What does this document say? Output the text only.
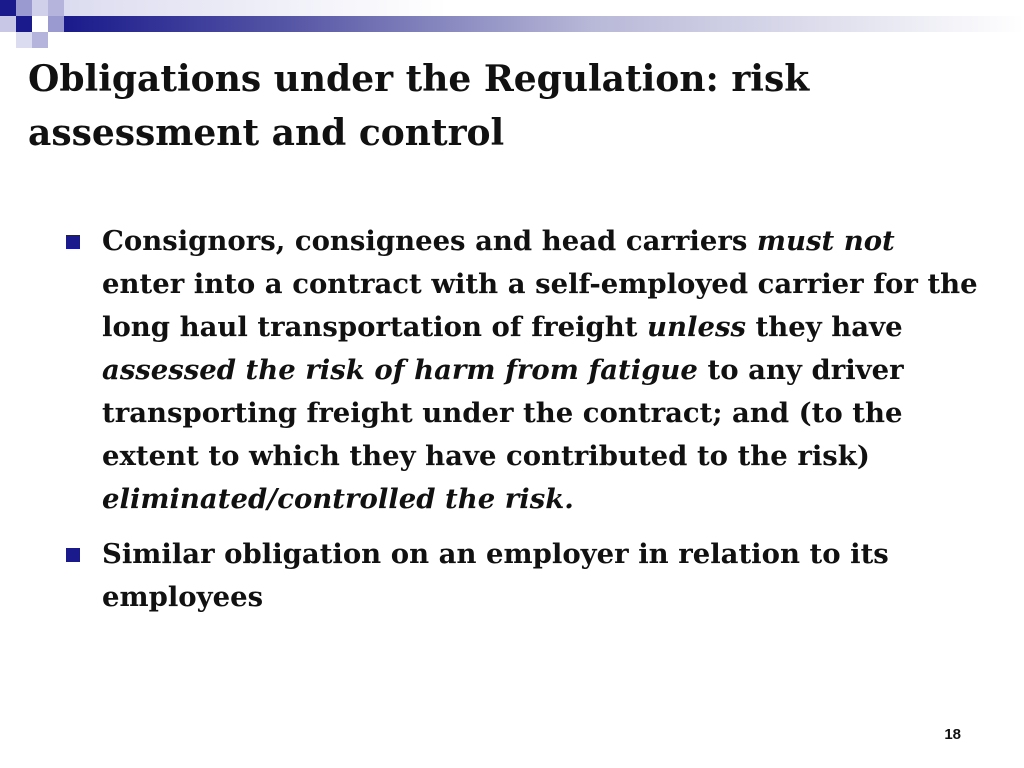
Obligations under the Regulation: risk assessment and control
Consignors, consignees and head carriers must not enter into a contract with a self-employed carrier for the long haul transportation of freight unless they have assessed the risk of harm from fatigue to any driver transporting freight under the contract; and (to the extent to which they have contributed to the risk) eliminated/controlled the risk.
Similar obligation on an employer in relation to its employees
18
